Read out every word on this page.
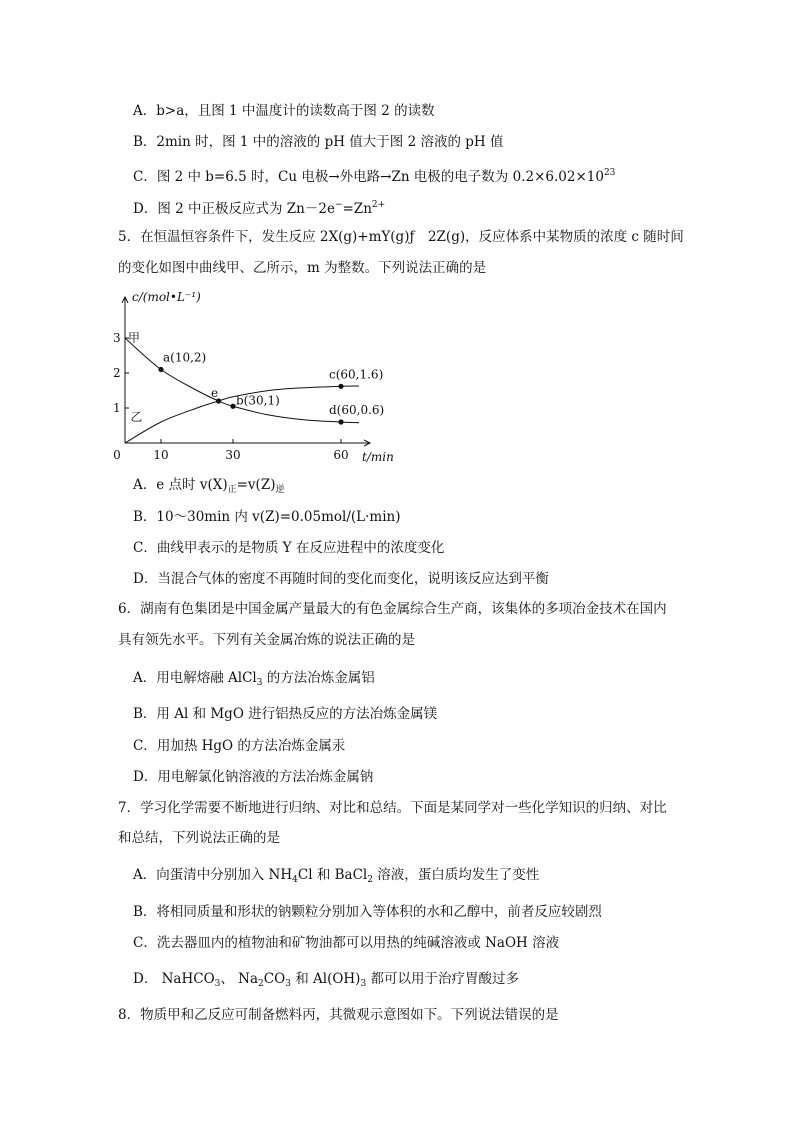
A．b>a，且图 1 中温度计的读数高于图 2 的读数
B．2min 时，图 1 中的溶液的 pH 值大于图 2 溶液的 pH 值
C．图 2 中 b=6.5 时，Cu 电极→外电路→Zn 电极的电子数为 $0.2\times 6.02\times 10^{23}$
D．图 2 中正极反应式为 $Zn-2e^-=Zn^{2+}$
5．在恒温恒容条件下，发生反应 2X(g)+mY(g)ƒ　2Z(g)，反应体系中某物质的浓度 c 随时间
的变化如图中曲线甲、乙所示，m 为整数。下列说法正确的是
c/(mol•L⁻¹)
t/min
1
2
3
0	10	30	60
甲
乙
a(10,2)
e
b(30,1)
c(60,1.6)
d(60,0.6)
A．e 点时 $v(X)_正=v(Z)_逆$
B．10～30min 内 v(Z)=0.05mol/(L·min)
C．曲线甲表示的是物质 Y 在反应进程中的浓度变化
D．当混合气体的密度不再随时间的变化而变化，说明该反应达到平衡
6．湖南有色集团是中国金属产量最大的有色金属综合生产商，该集体的多项冶金技术在国内
具有领先水平。下列有关金属冶炼的说法正确的是
A．用电解熔融 AlCl$_3$ 的方法冶炼金属铝
B．用 Al 和 MgO 进行铝热反应的方法冶炼金属镁
C．用加热 HgO 的方法冶炼金属汞
D．用电解氯化钠溶液的方法冶炼金属钠
7．学习化学需要不断地进行归纳、对比和总结。下面是某同学对一些化学知识的归纳、对比
和总结，下列说法正确的是
A．向蛋清中分别加入 $NH_4Cl$ 和 BaCl$_2$ 溶液，蛋白质均发生了变性
B．将相同质量和形状的钠颗粒分别加入等体积的水和乙醇中，前者反应较剧烈
C．洗去器皿内的植物油和矿物油都可以用热的纯碱溶液或 NaOH 溶液
D． NaHCO$_3$、 $Na_2CO_3$ 和 $Al(OH)_3$ 都可以用于治疗胃酸过多
8．物质甲和乙反应可制备燃料丙，其微观示意图如下。下列说法错误的是
